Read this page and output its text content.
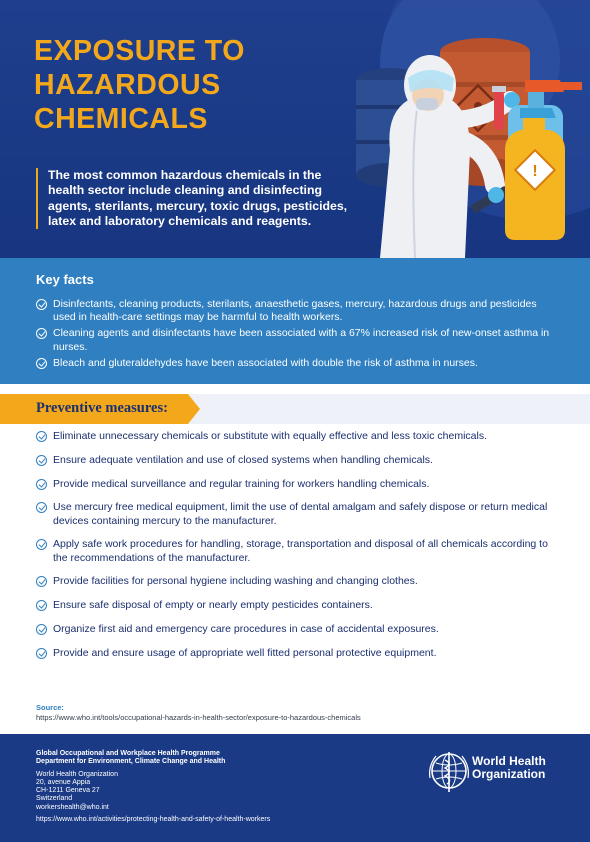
!
EXPOSURE TO
HAZARDOUS
CHEMICALS

The most common hazardous chemicals in the health sector include cleaning and disinfecting agents, sterilants, mercury, toxic drugs, pesticides, latex and laboratory chemicals and reagents.

Key facts
Disinfectants, cleaning products, sterilants, anaesthetic gases, mercury, hazardous drugs and pesticides used in health-care settings may be harmful to health workers.
Cleaning agents and disinfectants have been associated with a 67% increased risk of new-onset asthma in nurses.
Bleach and gluteraldehydes have been associated with double the risk of asthma in nurses.
Preventive measures:
Eliminate unnecessary chemicals or substitute with equally effective and less toxic chemicals.
Ensure adequate ventilation and use of closed systems when handling chemicals.
Provide medical surveillance and regular training for workers handling chemicals.
Use mercury free medical equipment, limit the use of dental amalgam and safely dispose or return medical devices containing mercury to the manufacturer.
Apply safe work procedures for handling, storage, transportation and disposal of all chemicals according to the recommendations of the manufacturer.
Provide facilities for personal hygiene including washing and changing clothes.
Ensure safe disposal of empty or nearly empty pesticides containers.
Organize first aid and emergency care procedures in case of accidental exposures.
Provide and ensure usage of appropriate well fitted personal protective equipment.
Source:
https://www.who.int/tools/occupational-hazards-in-health-sector/exposure-to-hazardous-chemicals
Global Occupational and Workplace Health Programme
Department for Environment, Climate Change and Health
World Health Organization
20, avenue Appia
CH-1211 Geneva 27
Switzerland
workershealth@who.int
https://www.who.int/activities/protecting-health-and-safety-of-health-workers
World Health
Organization
